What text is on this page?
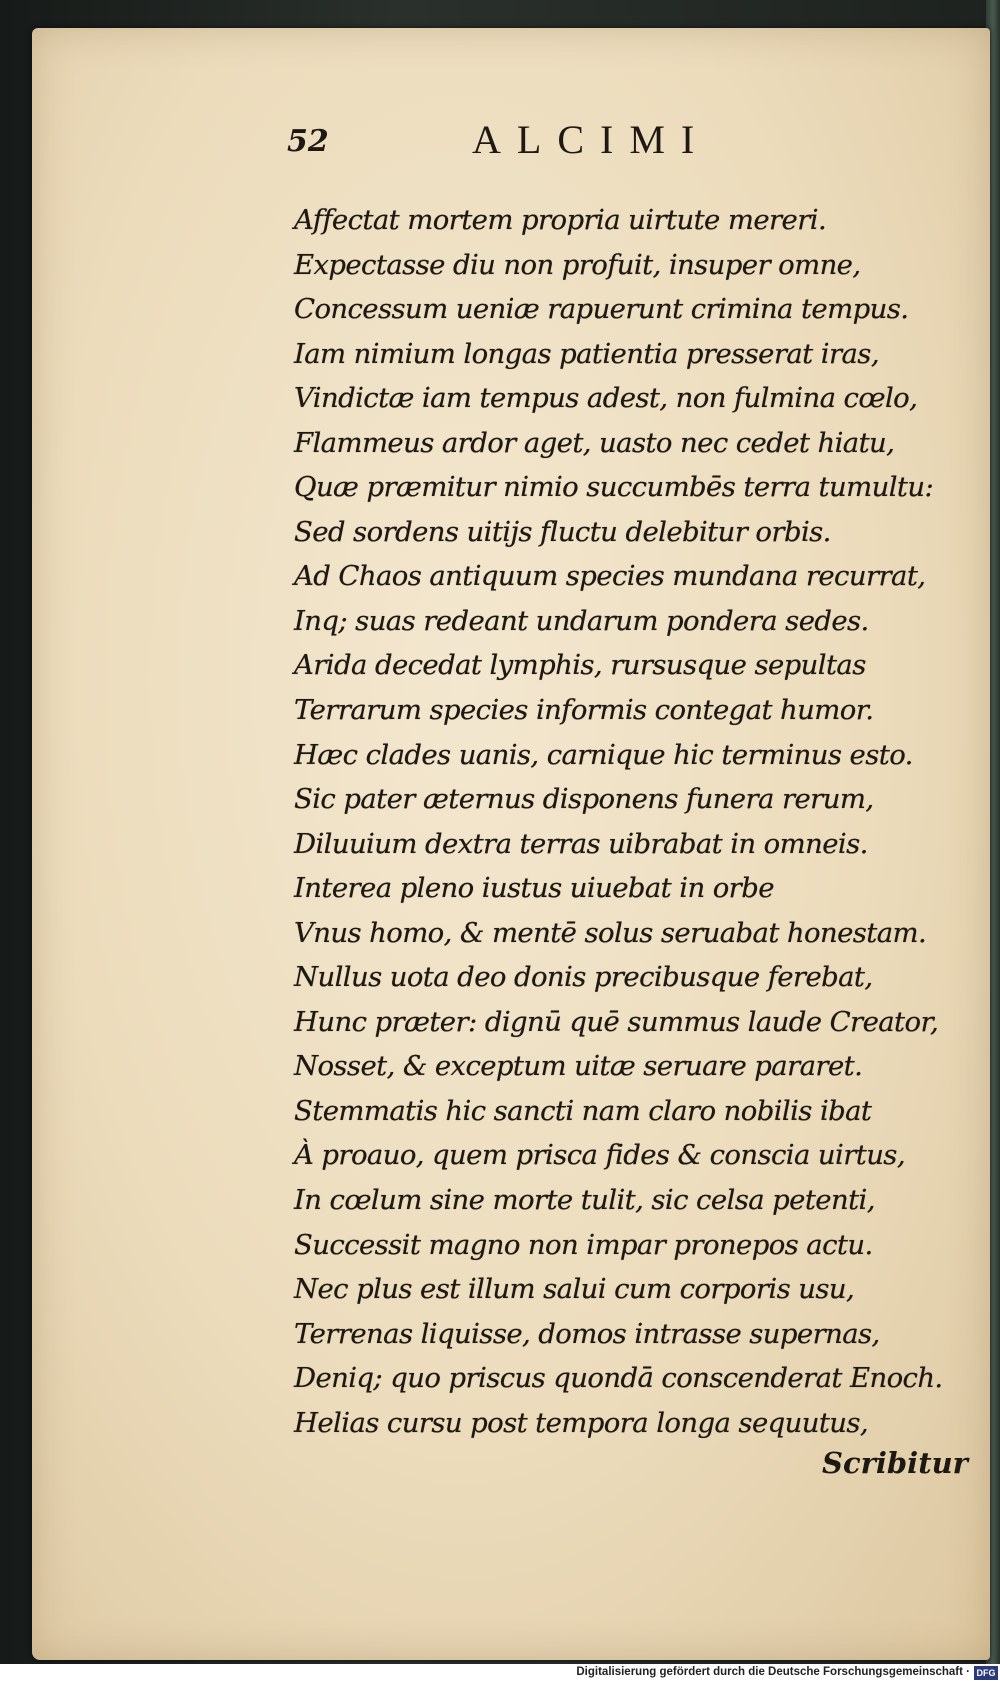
52	ALCIMI
Affectat mortem propria uirtute mereri.
Expectasse diu non profuit, insuper omne,
Concessum ueniæ rapuerunt crimina tempus.
Iam nimium longas patientia presserat iras,
Vindictæ iam tempus adest, non fulmina cœlo,
Flammeus ardor aget, uasto nec cedet hiatu,
Quæ præmitur nimio succumbēs terra tumultu:
Sed sordens uitijs fluctu delebitur orbis.
Ad Chaos antiquum species mundana recurrat,
Inq; suas redeant undarum pondera sedes.
Arida decedat lymphis, rursusque sepultas
Terrarum species informis contegat humor.
Hæc clades uanis, carnique hic terminus esto.
Sic pater æternus disponens funera rerum,
Diluuium dextra terras uibrabat in omneis.
Interea pleno iustus uiuebat in orbe
Vnus homo, & mentē solus seruabat honestam.
Nullus uota deo donis precibusque ferebat,
Hunc præter: dignū quē summus laude Creator,
Nosset, & exceptum uitæ seruare pararet.
Stemmatis hic sancti nam claro nobilis ibat
À proauo, quem prisca fides & conscia uirtus,
In cœlum sine morte tulit, sic celsa petenti,
Successit magno non impar pronepos actu.
Nec plus est illum salui cum corporis usu,
Terrenas liquisse, domos intrasse supernas,
Deniq; quo priscus quondā conscenderat Enoch.
Helias cursu post tempora longa sequutus,
Scribitur
Digitalisierung gefördert durch die Deutsche Forschungsgemeinschaft · DFG
